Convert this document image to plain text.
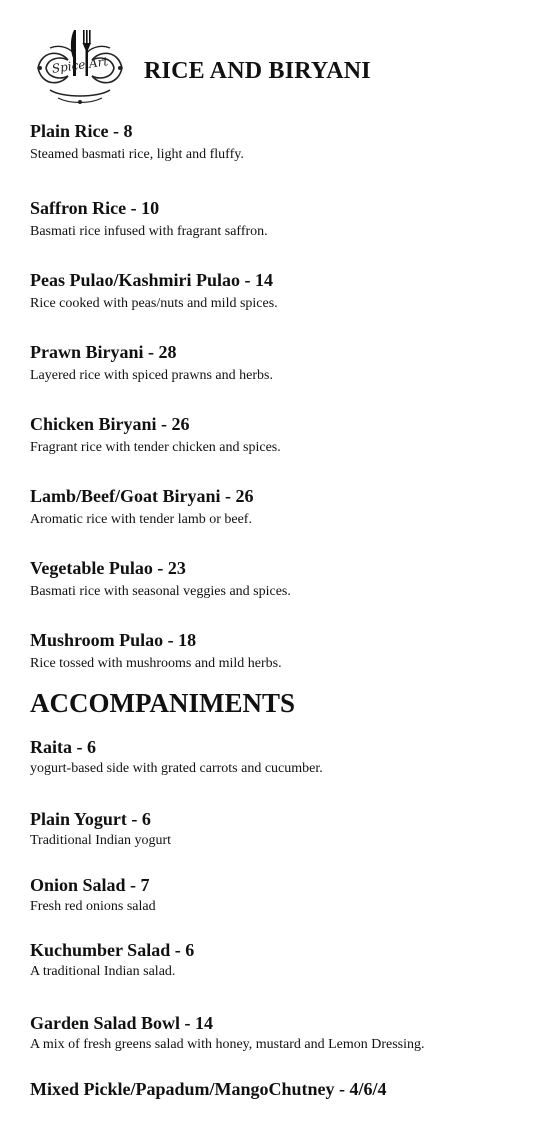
Spice Art	RICE AND BIRYANI
Plain Rice - 8

Steamed basmati rice, light and fluffy.

Saffron Rice - 10

Basmati rice infused with fragrant saffron.

Peas Pulao/Kashmiri Pulao - 14

Rice cooked with peas/nuts and mild spices.

Prawn Biryani - 28

Layered rice with spiced prawns and herbs.

Chicken Biryani - 26

Fragrant rice with tender chicken and spices.

Lamb/Beef/Goat Biryani - 26

Aromatic rice with tender lamb or beef.

Vegetable Pulao - 23

Basmati rice with seasonal veggies and spices.

Mushroom Pulao - 18

Rice tossed with mushrooms and mild herbs.

ACCOMPANIMENTS
Raita - 6

yogurt-based side with grated carrots and cucumber.

Plain Yogurt - 6

Traditional Indian yogurt

Onion Salad - 7

Fresh red onions salad

Kuchumber Salad - 6

A traditional Indian salad.

Garden Salad Bowl - 14

A mix of fresh greens salad with honey, mustard and Lemon Dressing.

Mixed Pickle/Papadum/MangoChutney - 4/6/4
